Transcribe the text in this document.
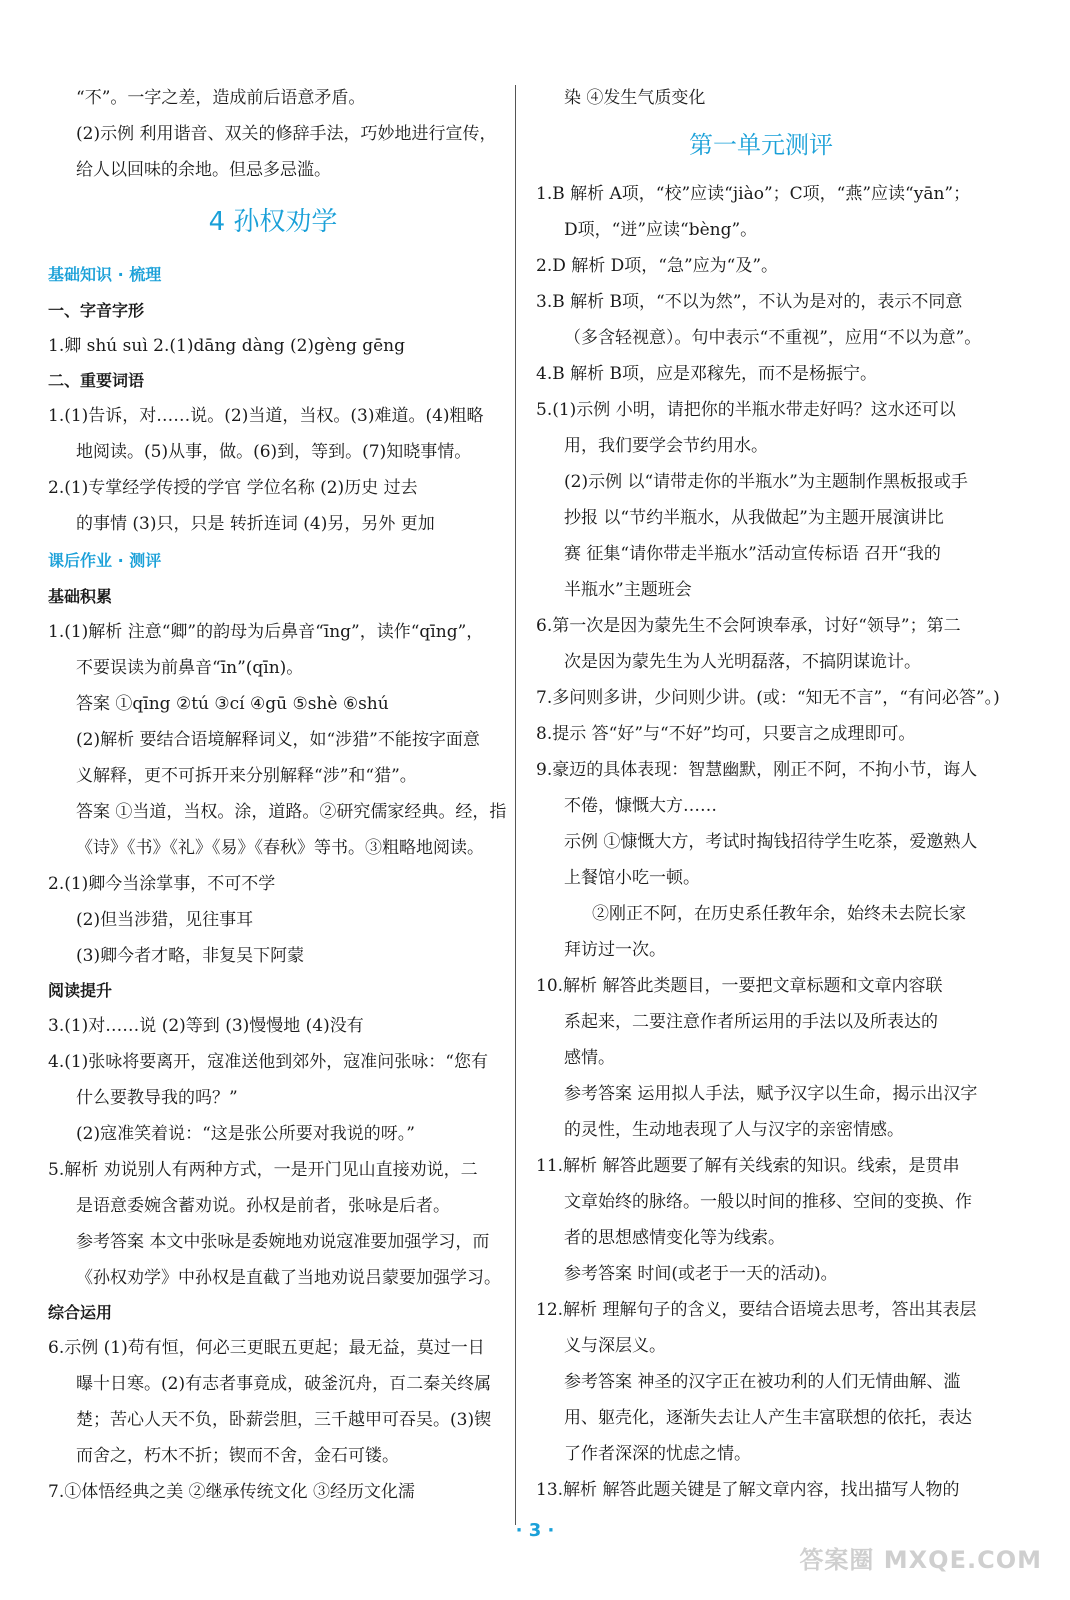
“不”。一字之差，造成前后语意矛盾。

(2)示例 利用谐音、双关的修辞手法，巧妙地进行宣传，

给人以回味的余地。但忌多忌滥。

4 孙权劝学

基础知识 · 梳理

一、字音字形

1.卿 shú suì 2.(1)dāng dàng (2)gèng gēng

二、重要词语

1.(1)告诉，对……说。(2)当道，当权。(3)难道。(4)粗略

地阅读。(5)从事，做。(6)到，等到。(7)知晓事情。

2.(1)专掌经学传授的学官 学位名称 (2)历史 过去

的事情 (3)只，只是 转折连词 (4)另，另外 更加

课后作业 · 测评

基础积累

1.(1)解析 注意“卿”的韵母为后鼻音“īng”，读作“qīng”，

不要误读为前鼻音“īn”(qīn)。

答案 ①qīng ②tú ③cí ④gū ⑤shè ⑥shú

(2)解析 要结合语境解释词义，如“涉猎”不能按字面意

义解释，更不可拆开来分别解释“涉”和“猎”。

答案 ①当道，当权。涂，道路。②研究儒家经典。经，指

《诗》《书》《礼》《易》《春秋》等书。③粗略地阅读。

2.(1)卿今当涂掌事，不可不学

(2)但当涉猎，见往事耳

(3)卿今者才略，非复吴下阿蒙

阅读提升

3.(1)对……说 (2)等到 (3)慢慢地 (4)没有

4.(1)张咏将要离开，寇准送他到郊外，寇准问张咏：“您有

什么要教导我的吗？”

(2)寇准笑着说：“这是张公所要对我说的呀。”

5.解析 劝说别人有两种方式，一是开门见山直接劝说，二

是语意委婉含蓄劝说。孙权是前者，张咏是后者。

参考答案 本文中张咏是委婉地劝说寇准要加强学习，而

《孙权劝学》中孙权是直截了当地劝说吕蒙要加强学习。

综合运用

6.示例 (1)苟有恒，何必三更眠五更起；最无益，莫过一日

曝十日寒。(2)有志者事竟成，破釜沉舟，百二秦关终属

楚；苦心人天不负，卧薪尝胆，三千越甲可吞吴。(3)锲

而舍之，朽木不折；锲而不舍，金石可镂。

7.①体悟经典之美 ②继承传统文化 ③经历文化濡

染 ④发生气质变化

第一单元测评

1.B 解析 A项，“校”应读“jiào”；C项，“燕”应读“yān”；

D项，“迸”应读“bèng”。

2.D 解析 D项，“急”应为“及”。

3.B 解析 B项，“不以为然”，不认为是对的，表示不同意

（多含轻视意）。句中表示“不重视”，应用“不以为意”。

4.B 解析 B项，应是邓稼先，而不是杨振宁。

5.(1)示例 小明，请把你的半瓶水带走好吗？这水还可以

用，我们要学会节约用水。

(2)示例 以“请带走你的半瓶水”为主题制作黑板报或手

抄报 以“节约半瓶水，从我做起”为主题开展演讲比

赛 征集“请你带走半瓶水”活动宣传标语 召开“我的

半瓶水”主题班会

6.第一次是因为蒙先生不会阿谀奉承，讨好“领导”；第二

次是因为蒙先生为人光明磊落，不搞阴谋诡计。

7.多问则多讲，少问则少讲。(或：“知无不言”，“有问必答”。)

8.提示 答“好”与“不好”均可，只要言之成理即可。

9.豪迈的具体表现：智慧幽默，刚正不阿，不拘小节，诲人

不倦，慷慨大方……

示例 ①慷慨大方，考试时掏钱招待学生吃茶，爱邀熟人

上餐馆小吃一顿。

②刚正不阿，在历史系任教年余，始终未去院长家

拜访过一次。

10.解析 解答此类题目，一要把文章标题和文章内容联

系起来，二要注意作者所运用的手法以及所表达的

感情。

参考答案 运用拟人手法，赋予汉字以生命，揭示出汉字

的灵性，生动地表现了人与汉字的亲密情感。

11.解析 解答此题要了解有关线索的知识。线索，是贯串

文章始终的脉络。一般以时间的推移、空间的变换、作

者的思想感情变化等为线索。

参考答案 时间(或老于一天的活动)。

12.解析 理解句子的含义，要结合语境去思考，答出其表层

义与深层义。

参考答案 神圣的汉字正在被功利的人们无情曲解、滥

用、躯壳化，逐渐失去让人产生丰富联想的依托，表达

了作者深深的忧虑之情。

13.解析 解答此题关键是了解文章内容，找出描写人物的

· 3 ·
答案圈 MXQE.COM
